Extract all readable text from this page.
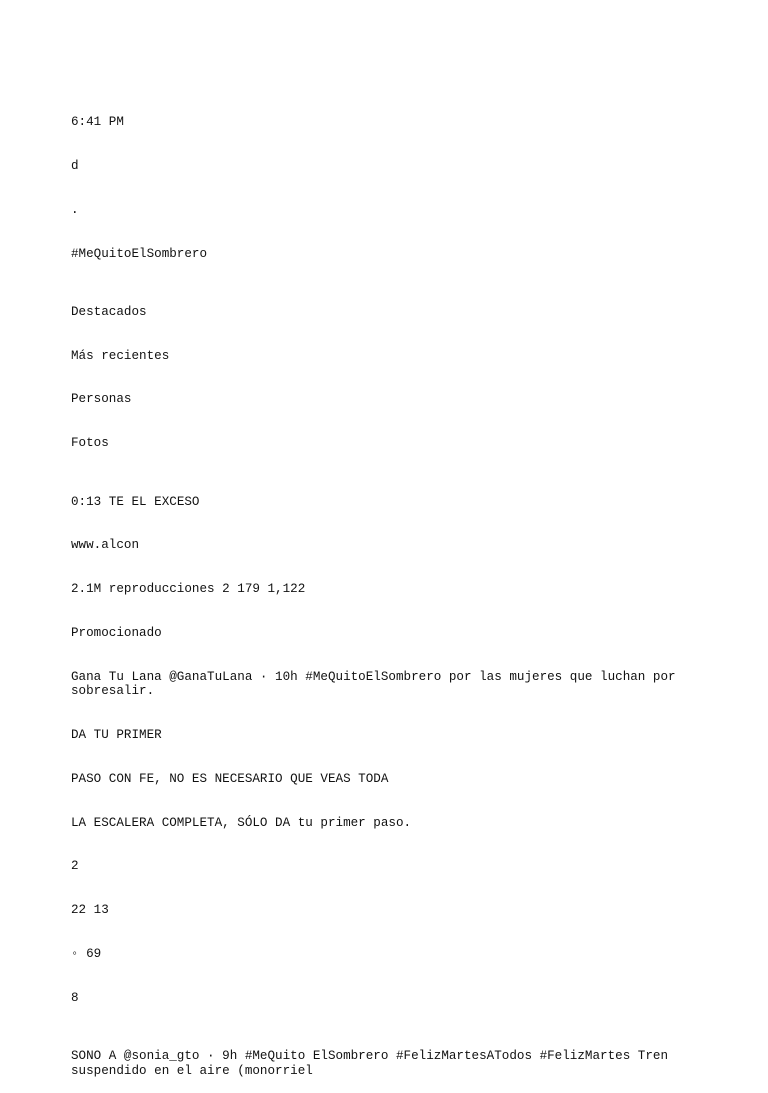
6:41 PM

d

.

#MeQuitoElSombrero

Destacados

Más recientes

Personas

Fotos

0:13 TE EL EXCESO

www.alcon

2.1M reproducciones 2 179 1,122

Promocionado

Gana Tu Lana @GanaTuLana · 10h #MeQuitoElSombrero por las mujeres que luchan por sobresalir.

DA TU PRIMER

PASO CON FE, NO ES NECESARIO QUE VEAS TODA

LA ESCALERA COMPLETA, SÓLO DA tu primer paso.

2

22 13

◦ 69

8

SONO A @sonia_gto · 9h #MeQuito ElSombrero #FelizMartesATodos #FelizMartes Tren suspendido en el aire (monorriel
